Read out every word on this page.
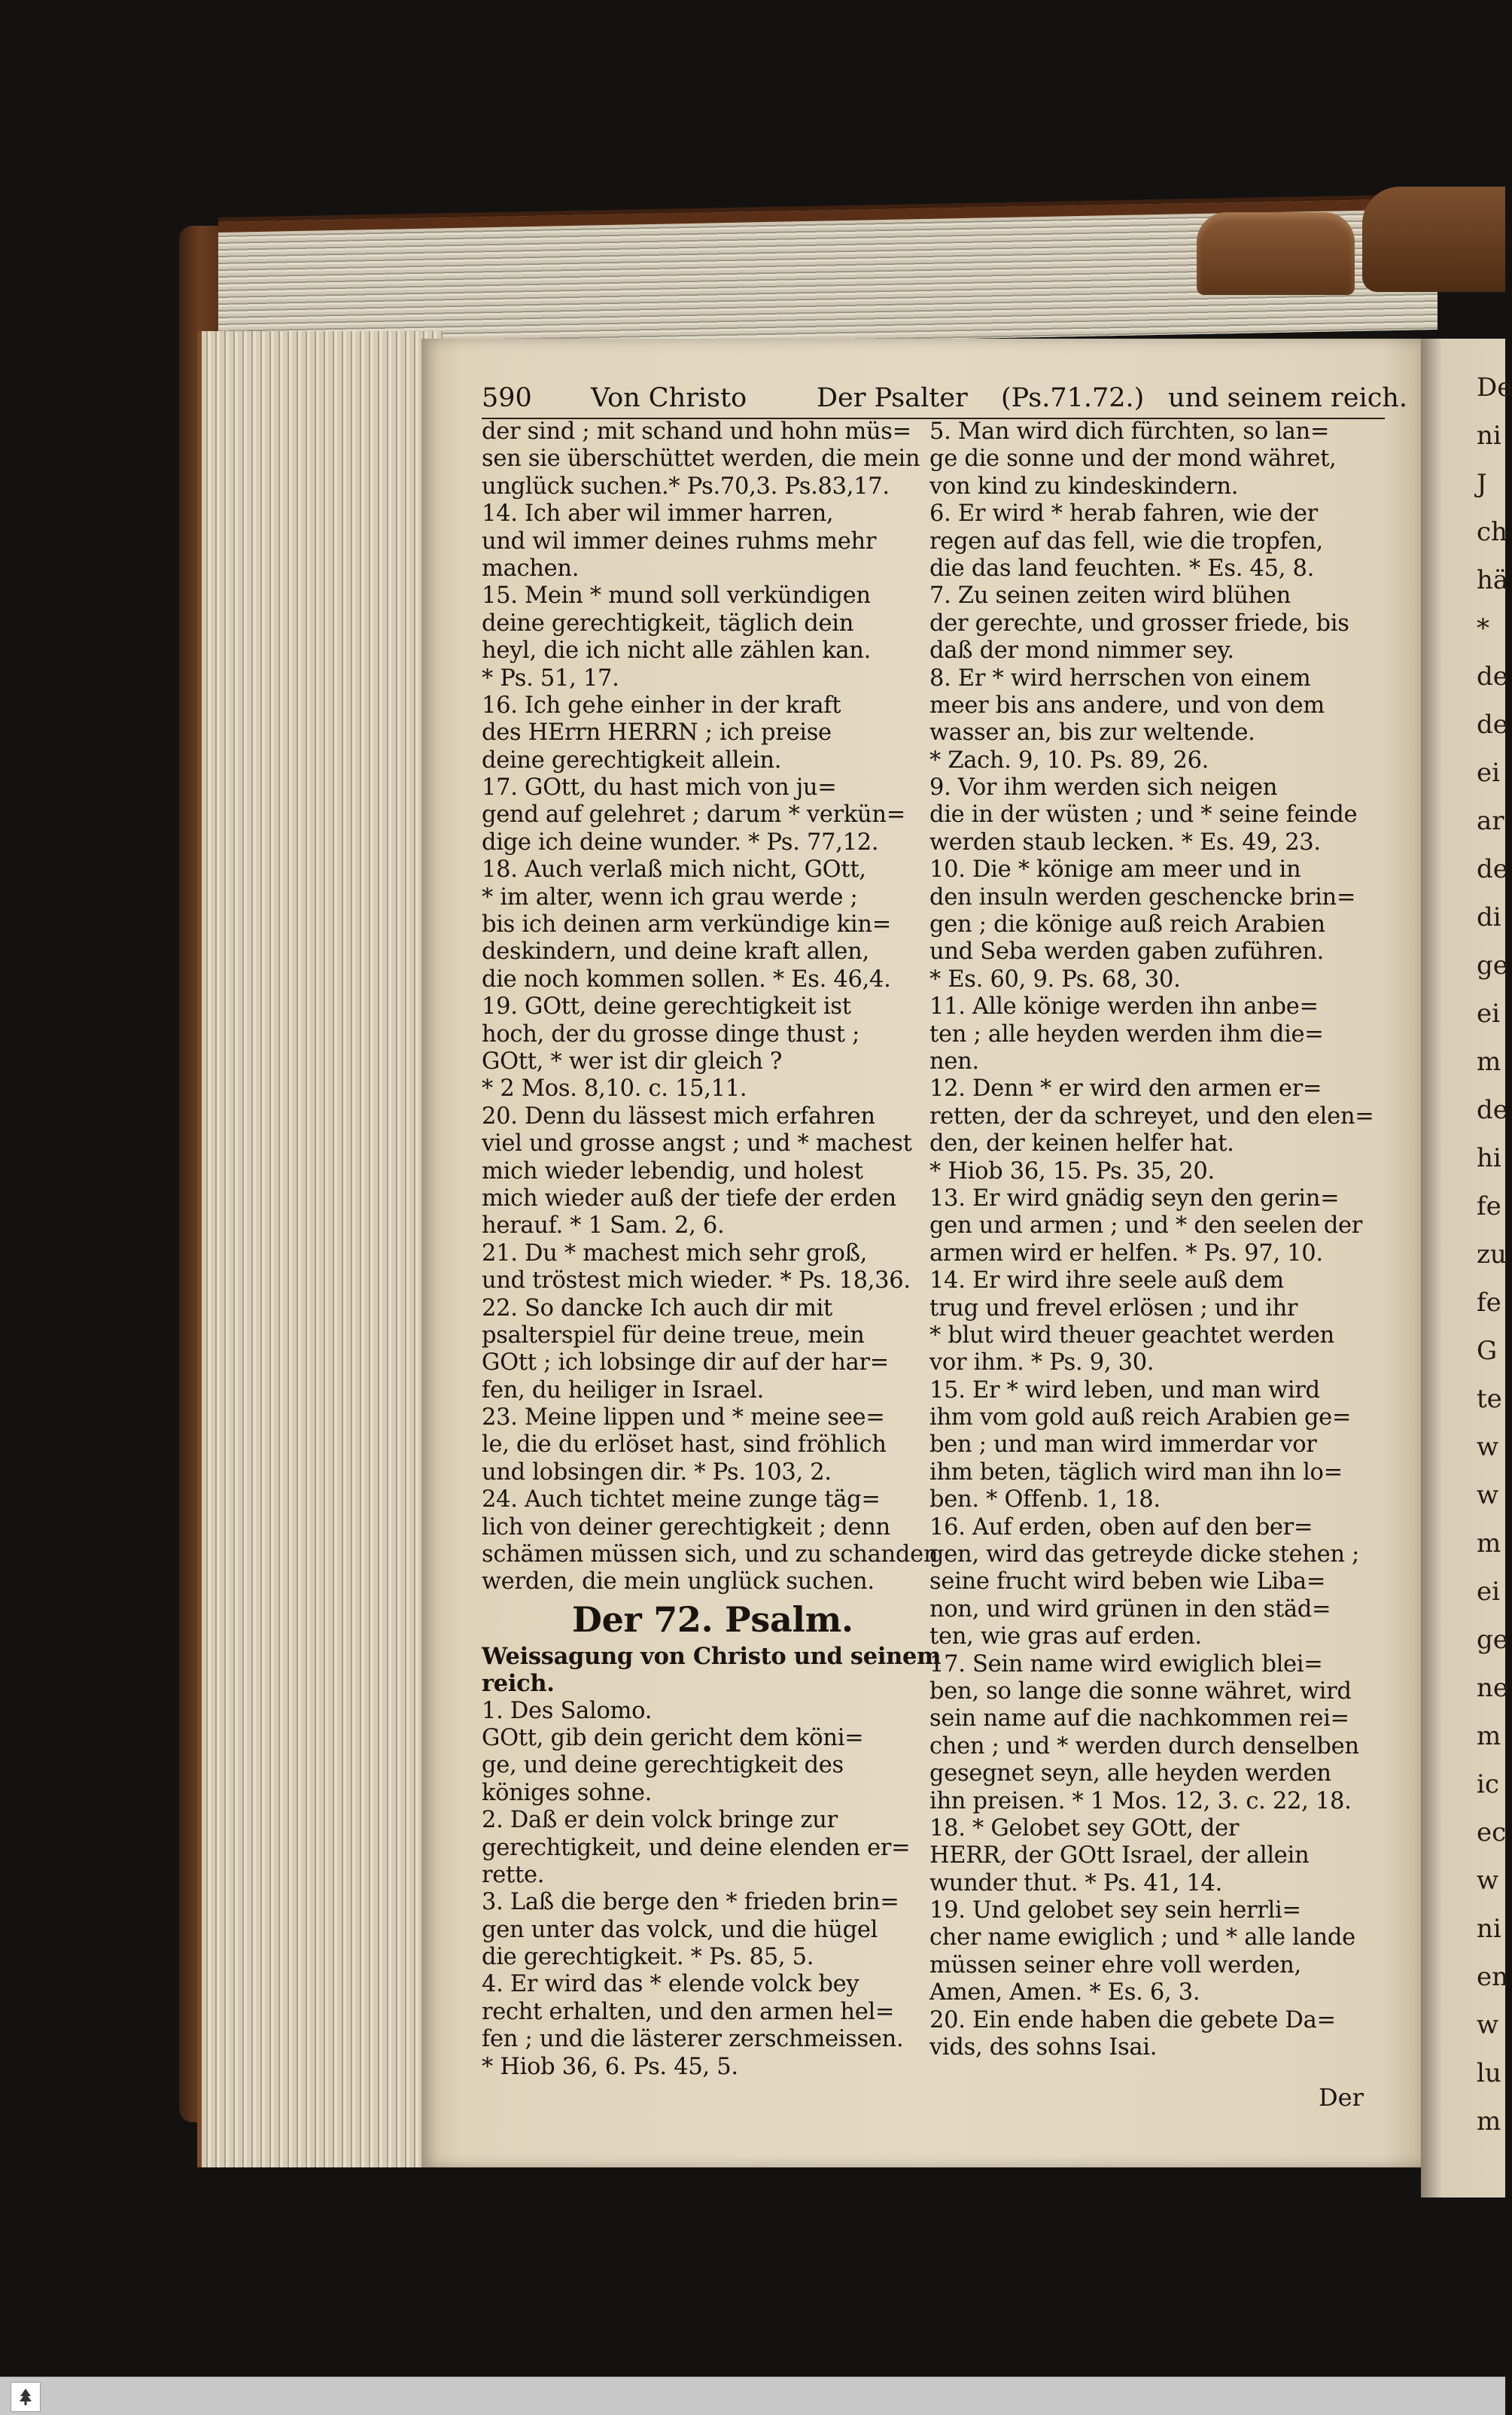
590 Von Christo	Der Psalter (Ps.71.72.) und seinem reich.
der sind ; mit schand und hohn müs=
sen sie überschüttet werden, die mein
unglück suchen.* Ps.70,3. Ps.83,17.
14. Ich aber wil immer harren,
und wil immer deines ruhms mehr
machen.
15. Mein * mund soll verkündigen
deine gerechtigkeit, täglich dein
heyl, die ich nicht alle zählen kan.
* Ps. 51, 17.
16. Ich gehe einher in der kraft
des HErrn HERRN ; ich preise
deine gerechtigkeit allein.
17. GOtt, du hast mich von ju=
gend auf gelehret ; darum * verkün=
dige ich deine wunder. * Ps. 77,12.
18. Auch verlaß mich nicht, GOtt,
* im alter, wenn ich grau werde ;
bis ich deinen arm verkündige kin=
deskindern, und deine kraft allen,
die noch kommen sollen. * Es. 46,4.
19. GOtt, deine gerechtigkeit ist
hoch, der du grosse dinge thust ;
GOtt, * wer ist dir gleich ?
* 2 Mos. 8,10. c. 15,11.
20. Denn du lässest mich erfahren
viel und grosse angst ; und * machest
mich wieder lebendig, und holest
mich wieder auß der tiefe der erden
herauf. * 1 Sam. 2, 6.
21. Du * machest mich sehr groß,
und tröstest mich wieder. * Ps. 18,36.
22. So dancke Ich auch dir mit
psalterspiel für deine treue, mein
GOtt ; ich lobsinge dir auf der har=
fen, du heiliger in Israel.
23. Meine lippen und * meine see=
le, die du erlöset hast, sind fröhlich
und lobsingen dir. * Ps. 103, 2.
24. Auch tichtet meine zunge täg=
lich von deiner gerechtigkeit ; denn
schämen müssen sich, und zu schanden
werden, die mein unglück suchen.
Der 72. Psalm.
Weissagung von Christo und seinem
reich.
1. Des Salomo.
GOtt, gib dein gericht dem köni=
ge, und deine gerechtigkeit des
königes sohne.
2. Daß er dein volck bringe zur
gerechtigkeit, und deine elenden er=
rette.
3. Laß die berge den * frieden brin=
gen unter das volck, und die hügel
die gerechtigkeit. * Ps. 85, 5.
4. Er wird das * elende volck bey
recht erhalten, und den armen hel=
fen ; und die lästerer zerschmeissen.
* Hiob 36, 6. Ps. 45, 5.
5. Man wird dich fürchten, so lan=
ge die sonne und der mond währet,
von kind zu kindeskindern.
6. Er wird * herab fahren, wie der
regen auf das fell, wie die tropfen,
die das land feuchten. * Es. 45, 8.
7. Zu seinen zeiten wird blühen
der gerechte, und grosser friede, bis
daß der mond nimmer sey.
8. Er * wird herrschen von einem
meer bis ans andere, und von dem
wasser an, bis zur weltende.
* Zach. 9, 10. Ps. 89, 26.
9. Vor ihm werden sich neigen
die in der wüsten ; und * seine feinde
werden staub lecken. * Es. 49, 23.
10. Die * könige am meer und in
den insuln werden geschencke brin=
gen ; die könige auß reich Arabien
und Seba werden gaben zuführen.
* Es. 60, 9. Ps. 68, 30.
11. Alle könige werden ihn anbe=
ten ; alle heyden werden ihm die=
nen.
12. Denn * er wird den armen er=
retten, der da schreyet, und den elen=
den, der keinen helfer hat.
* Hiob 36, 15. Ps. 35, 20.
13. Er wird gnädig seyn den gerin=
gen und armen ; und * den seelen der
armen wird er helfen. * Ps. 97, 10.
14. Er wird ihre seele auß dem
trug und frevel erlösen ; und ihr
* blut wird theuer geachtet werden
vor ihm. * Ps. 9, 30.
15. Er * wird leben, und man wird
ihm vom gold auß reich Arabien ge=
ben ; und man wird immerdar vor
ihm beten, täglich wird man ihn lo=
ben. * Offenb. 1, 18.
16. Auf erden, oben auf den ber=
gen, wird das getreyde dicke stehen ;
seine frucht wird beben wie Liba=
non, und wird grünen in den städ=
ten, wie gras auf erden.
17. Sein name wird ewiglich blei=
ben, so lange die sonne währet, wird
sein name auf die nachkommen rei=
chen ; und * werden durch denselben
gesegnet seyn, alle heyden werden
ihn preisen. * 1 Mos. 12, 3. c. 22, 18.
18. * Gelobet sey GOtt, der
HERR, der GOtt Israel, der allein
wunder thut. * Ps. 41, 14.
19. Und gelobet sey sein herrli=
cher name ewiglich ; und * alle lande
müssen seiner ehre voll werden,
Amen, Amen. * Es. 6, 3.
20. Ein ende haben die gebete Da=
vids, des sohns Isai.
Der
De
ni
J
ch
hä
*
de
de
ei
ar
de
di
ge
ei
m
de
hi
fe
zu
fe
G
te
w
w
m
ei
ge
ne
m
ic
ec
w
ni
en
w
lu
m
